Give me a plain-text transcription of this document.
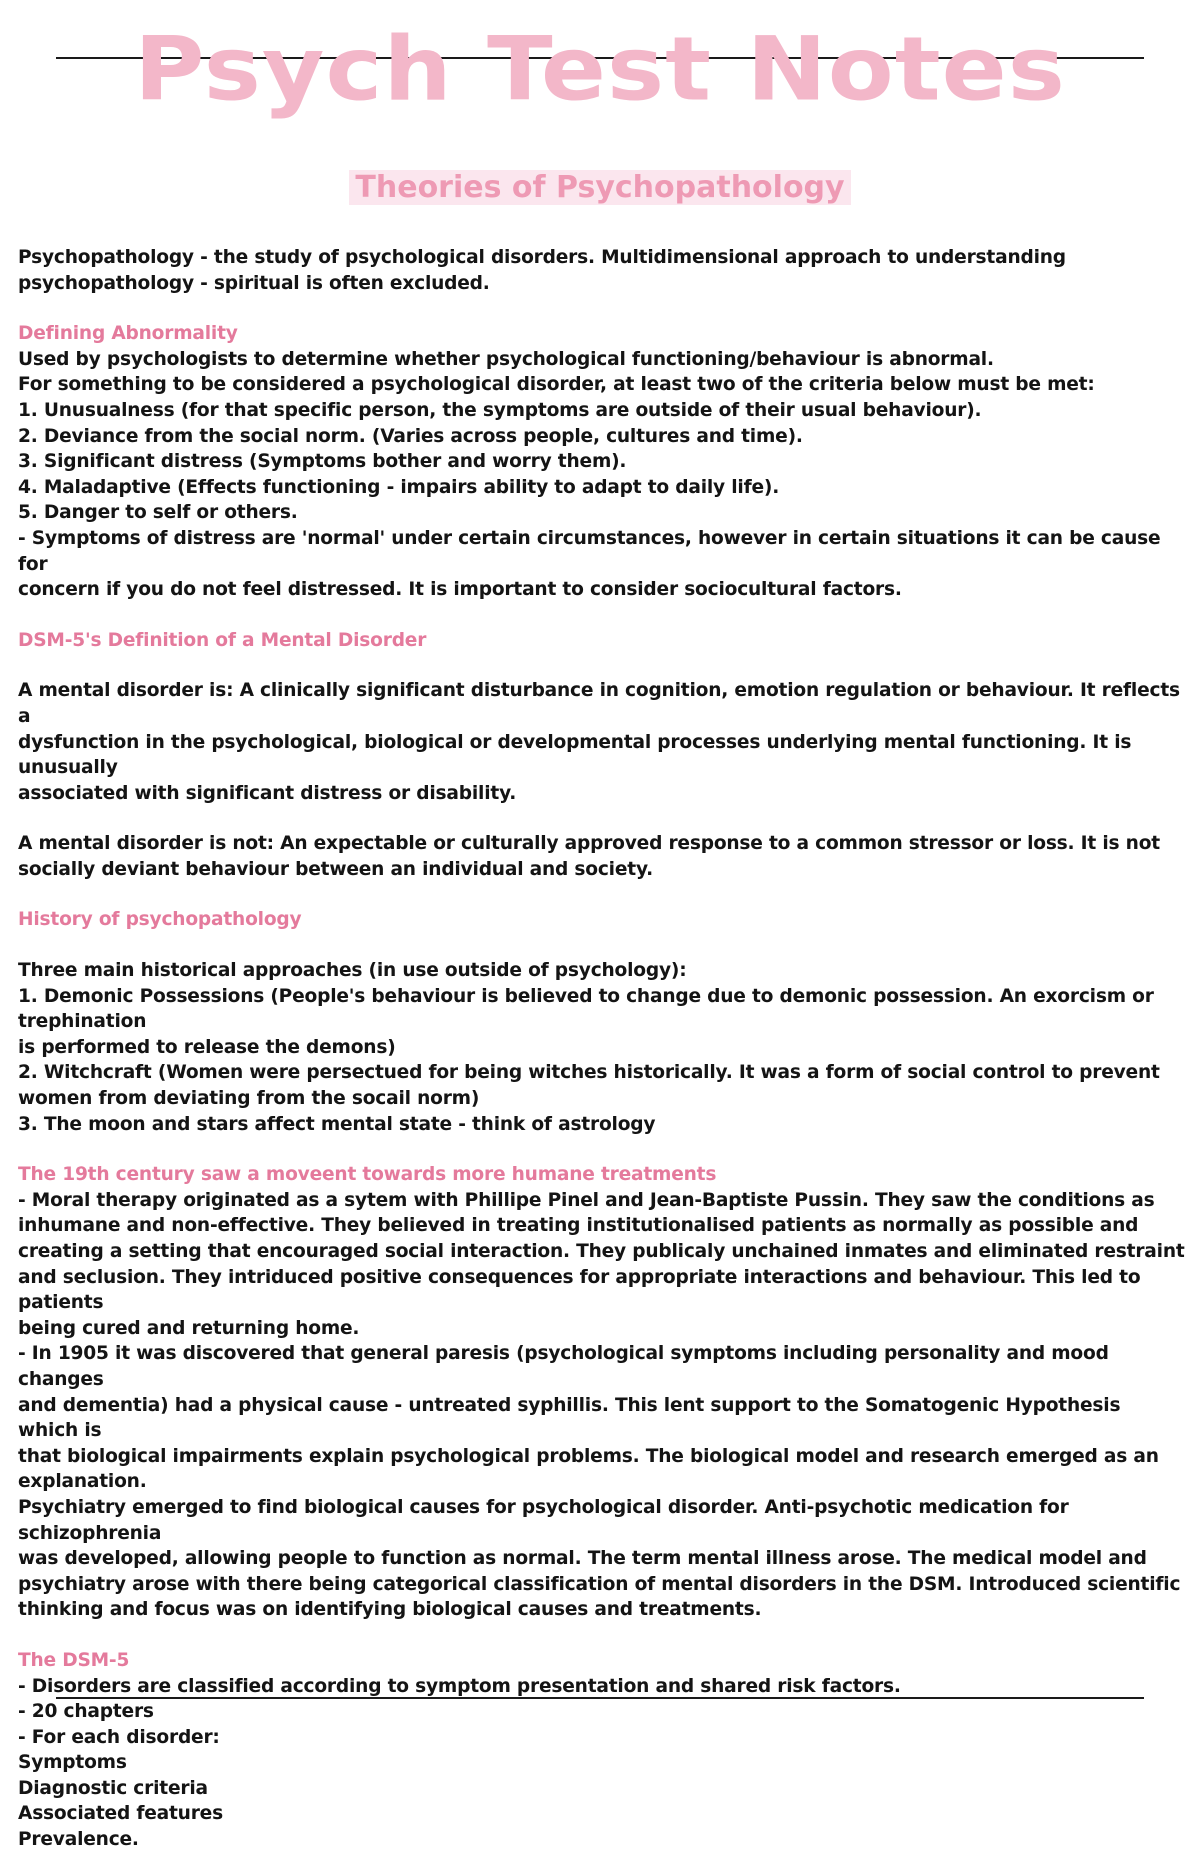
Psych Test Notes
Theories of Psychopathology

Psychopathology - the study of psychological disorders. Multidimensional approach to understanding

psychopathology - spiritual is often excluded.

Defining Abnormality

Used by psychologists to determine whether psychological functioning/behaviour is abnormal.

For something to be considered a psychological disorder, at least two of the criteria below must be met:

1. Unusualness (for that specific person, the symptoms are outside of their usual behaviour).

2. Deviance from the social norm. (Varies across people, cultures and time).

3. Significant distress (Symptoms bother and worry them).

4. Maladaptive (Effects functioning - impairs ability to adapt to daily life).

5. Danger to self or others.

- Symptoms of distress are 'normal' under certain circumstances, however in certain situations it can be cause for

concern if you do not feel distressed. It is important to consider sociocultural factors.

DSM-5's Definition of a Mental Disorder

A mental disorder is: A clinically significant disturbance in cognition, emotion regulation or behaviour. It reflects a

dysfunction in the psychological, biological or developmental processes underlying mental functioning. It is unusually

associated with significant distress or disability.

A mental disorder is not: An expectable or culturally approved response to a common stressor or loss. It is not

socially deviant behaviour between an individual and society.

History of psychopathology

Three main historical approaches (in use outside of psychology):

1. Demonic Possessions (People's behaviour is believed to change due to demonic possession. An exorcism or trephination

is performed to release the demons)

2. Witchcraft (Women were persectued for being witches historically. It was a form of social control to prevent

women from deviating from the socail norm)

3. The moon and stars affect mental state - think of astrology

The 19th century saw a moveent towards more humane treatments

- Moral therapy originated as a sytem with Phillipe Pinel and Jean-Baptiste Pussin. They saw the conditions as

inhumane and non-effective. They believed in treating institutionalised patients as normally as possible and

creating a setting that encouraged social interaction. They publicaly unchained inmates and eliminated restraint

and seclusion. They intriduced positive consequences for appropriate interactions and behaviour. This led to patients

being cured and returning home.

- In 1905 it was discovered that general paresis (psychological symptoms including personality and mood changes

and dementia) had a physical cause - untreated syphillis. This lent support to the Somatogenic Hypothesis which is

that biological impairments explain psychological problems. The biological model and research emerged as an

explanation.

Psychiatry emerged to find biological causes for psychological disorder. Anti-psychotic medication for schizophrenia

was developed, allowing people to function as normal. The term mental illness arose. The medical model and

psychiatry arose with there being categorical classification of mental disorders in the DSM. Introduced scientific

thinking and focus was on identifying biological causes and treatments.

The DSM-5

- Disorders are classified according to symptom presentation and shared risk factors.

- 20 chapters

- For each disorder:

Symptoms

Diagnostic criteria

Associated features

Prevalence.
